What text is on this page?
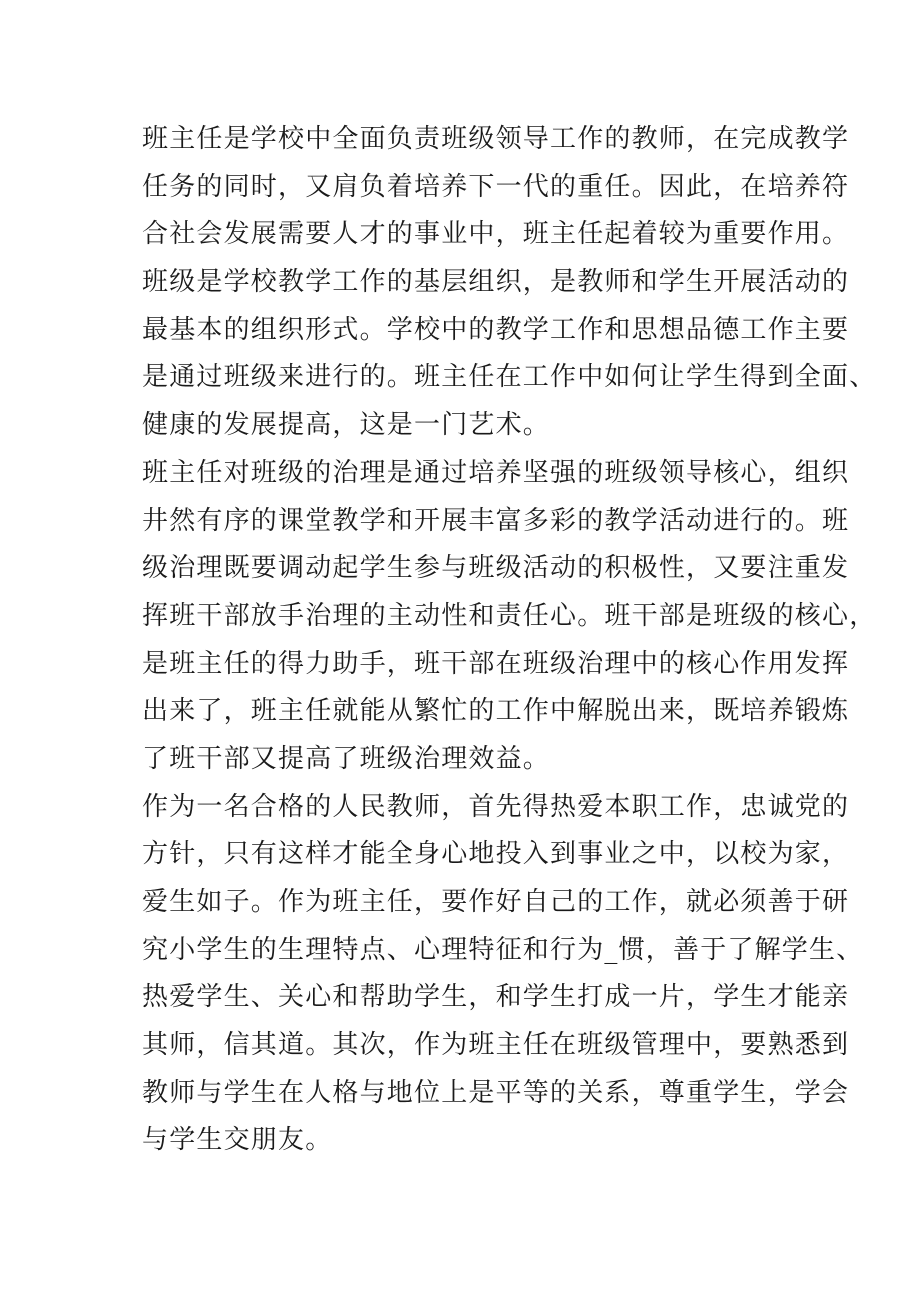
班主任是学校中全面负责班级领导工作的教师，在完成教学
任务的同时，又肩负着培养下一代的重任。因此，在培养符
合社会发展需要人才的事业中，班主任起着较为重要作用。
班级是学校教学工作的基层组织，是教师和学生开展活动的
最基本的组织形式。学校中的教学工作和思想品德工作主要
是通过班级来进行的。班主任在工作中如何让学生得到全面、
健康的发展提高，这是一门艺术。
班主任对班级的治理是通过培养坚强的班级领导核心，组织
井然有序的课堂教学和开展丰富多彩的教学活动进行的。班
级治理既要调动起学生参与班级活动的积极性，又要注重发
挥班干部放手治理的主动性和责任心。班干部是班级的核心，
是班主任的得力助手，班干部在班级治理中的核心作用发挥
出来了，班主任就能从繁忙的工作中解脱出来，既培养锻炼
了班干部又提高了班级治理效益。
作为一名合格的人民教师，首先得热爱本职工作，忠诚党的
方针，只有这样才能全身心地投入到事业之中，以校为家，
爱生如子。作为班主任，要作好自己的工作，就必须善于研
究小学生的生理特点、心理特征和行为_惯，善于了解学生、
热爱学生、关心和帮助学生，和学生打成一片，学生才能亲
其师，信其道。其次，作为班主任在班级管理中，要熟悉到
教师与学生在人格与地位上是平等的关系，尊重学生，学会
与学生交朋友。
